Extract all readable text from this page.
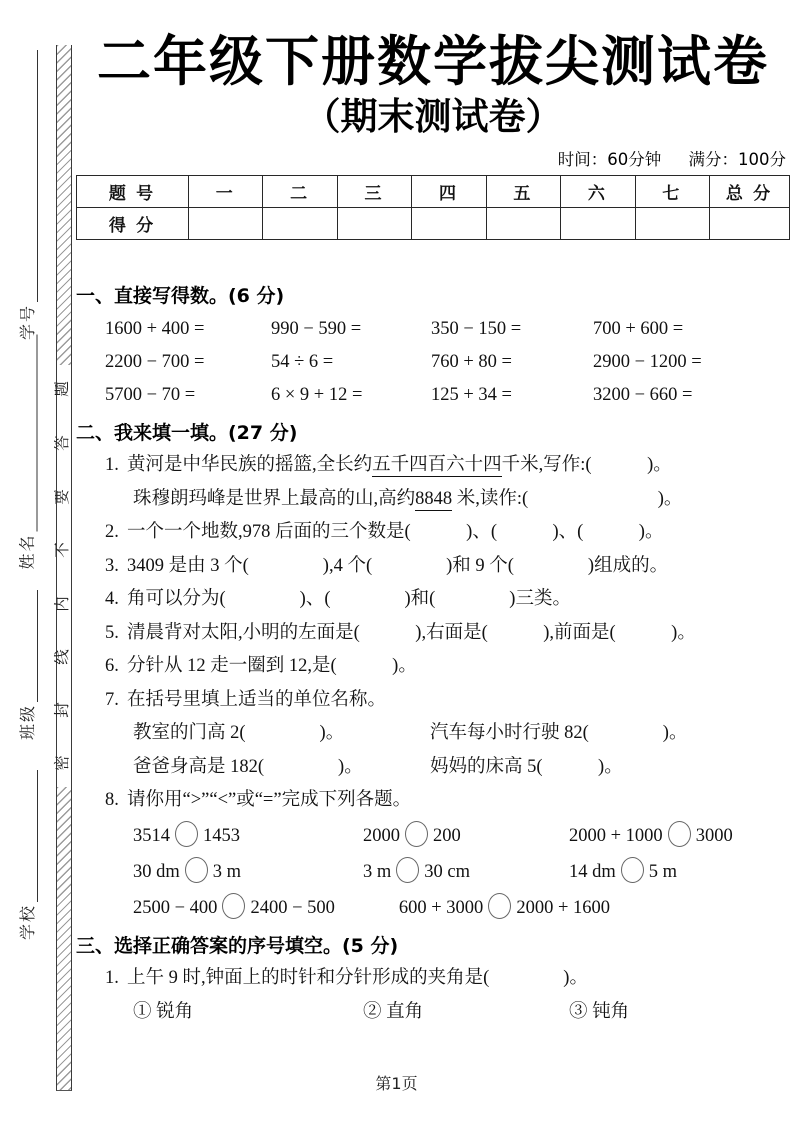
题
答
要
不
内
线
封
密
学号
姓名
班级
学校
二年级下册数学拔尖测试卷
（期末测试卷）
时间：60分钟 满分：100分
题 号	一	二	三	四	五	六	七	总 分
得 分								
一、直接写得数。(6 分)
1600 + 400 =	990 − 590 =	350 − 150 =	700 + 600 =
2200 − 700 =	54 ÷ 6 =	760 + 80 =	2900 − 1200 =
5700 − 70 =	6 × 9 + 12 =	125 + 34 =	3200 − 660 =
二、我来填一填。(27 分)
1. 黄河是中华民族的摇篮,全长约五千四百六十四千米,写作:(　　　)。
珠穆朗玛峰是世界上最高的山,高约8848 米,读作:(　　　　　　　)。
2. 一个一个地数,978 后面的三个数是(　　　)、(　　　)、(　　　)。
3. 3409 是由 3 个(　　　　),4 个(　　　　)和 9 个(　　　　)组成的。
4. 角可以分为(　　　　)、(　　　　)和(　　　　)三类。
5. 清晨背对太阳,小明的左面是(　　　),右面是(　　　),前面是(　　　)。
6. 分针从 12 走一圈到 12,是(　　　)。
7. 在括号里填上适当的单位名称。
教室的门高 2(　　　　)。	汽车每小时行驶 82(　　　　)。
爸爸身高是 182(　　　　)。	妈妈的床高 5(　　　)。
8. 请你用“>”“<”或“=”完成下列各题。
3514 1453	2000 200	2000 + 1000 3000
30 dm 3 m	3 m 30 cm	14 dm 5 m
2500 − 400 2400 − 500	600 + 3000 2000 + 1600
三、选择正确答案的序号填空。(5 分)
1. 上午 9 时,钟面上的时针和分针形成的夹角是(　　　　)。
① 锐角	② 直角	③ 钝角
第1页
